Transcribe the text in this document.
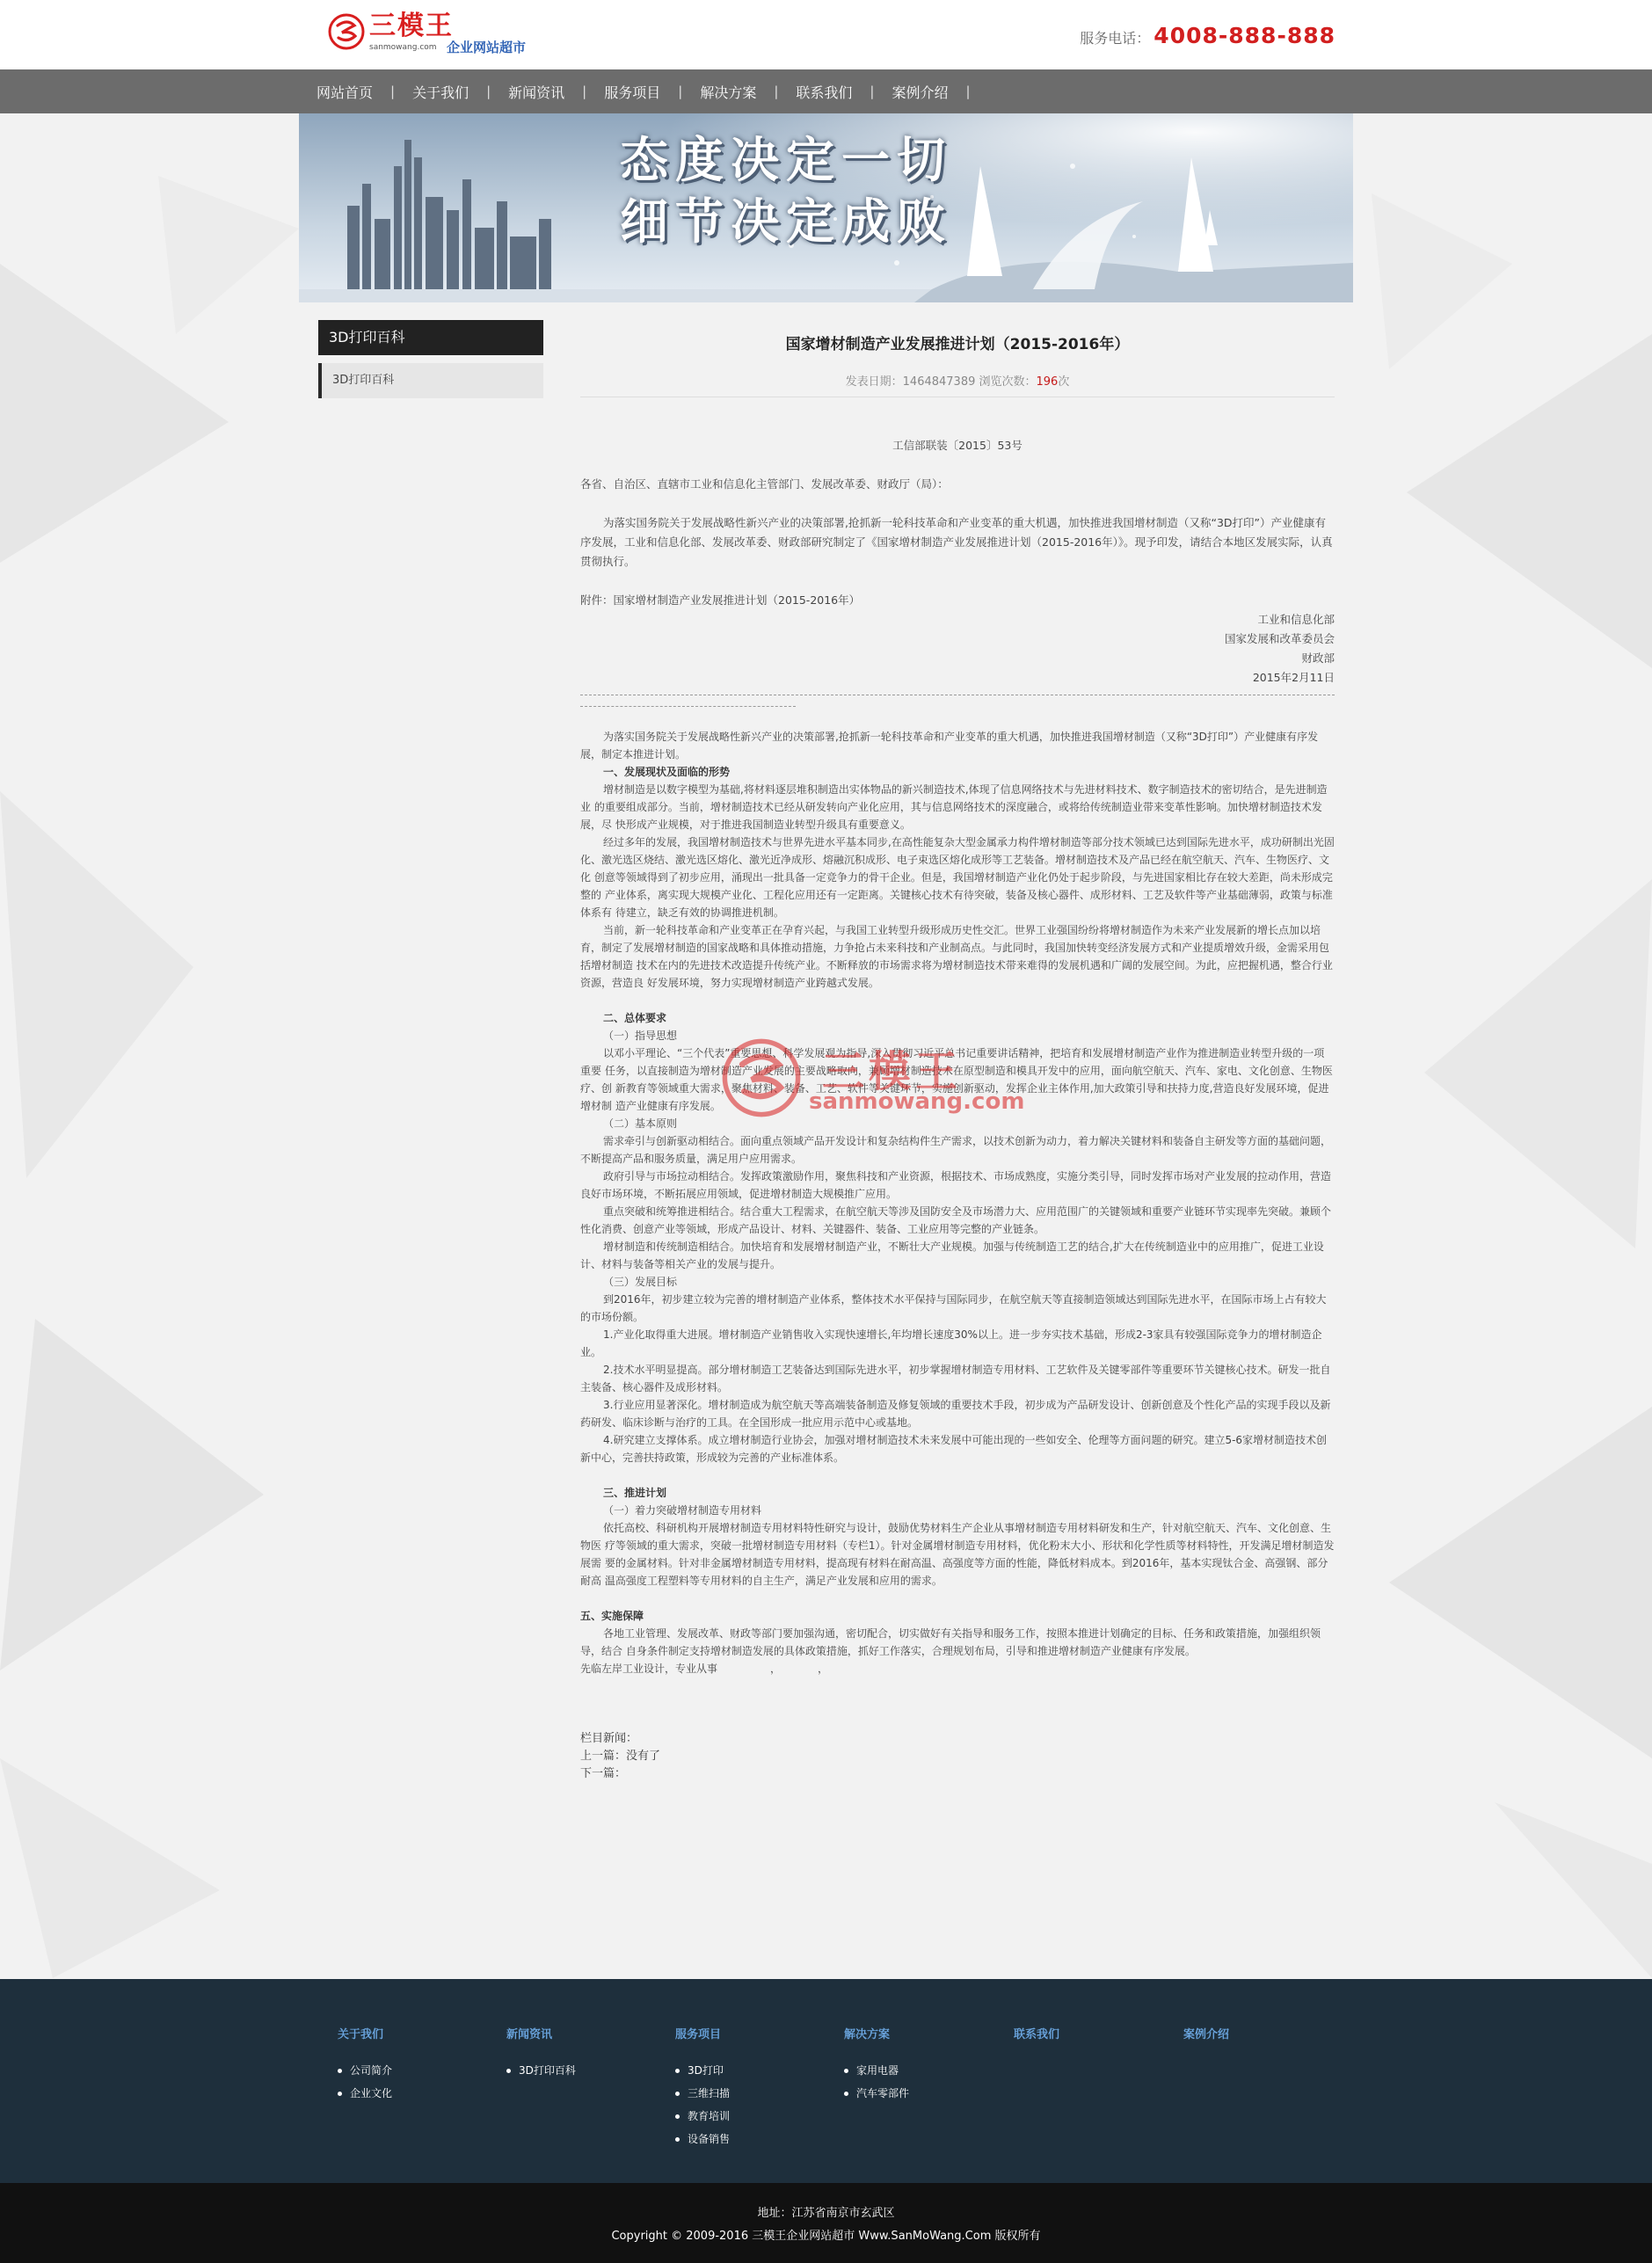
三模王
sanmowang.com 企业网站超市
服务电话： 4008-888-888
网站首页	|	关于我们	|	新闻资讯	|	服务项目	|	解决方案	|	联系我们	|	案例介绍	|
态度决定一切
细节决定成败
3D打印百科
3D打印百科
国家增材制造产业发展推进计划（2015-2016年）
发表日期：1464847389 浏览次数：196次

工信部联装〔2015〕53号

各省、自治区、直辖市工业和信息化主管部门、发展改革委、财政厅（局）：

为落实国务院关于发展战略性新兴产业的决策部署,抢抓新一轮科技革命和产业变革的重大机遇，加快推进我国增材制造（又称“3D打印”）产业健康有序发展，工业和信息化部、发展改革委、财政部研究制定了《国家增材制造产业发展推进计划（2015-2016年）》。现予印发，请结合本地区发展实际，认真贯彻执行。

附件：国家增材制造产业发展推进计划（2015-2016年）

工业和信息化部

国家发展和改革委员会

财政部

2015年2月11日

为落实国务院关于发展战略性新兴产业的决策部署,抢抓新一轮科技革命和产业变革的重大机遇，加快推进我国增材制造（又称“3D打印”）产业健康有序发展，制定本推进计划。

一、发展现状及面临的形势

增材制造是以数字模型为基础,将材料逐层堆积制造出实体物品的新兴制造技术,体现了信息网络技术与先进材料技术、数字制造技术的密切结合，是先进制造业 的重要组成部分。当前，增材制造技术已经从研发转向产业化应用，其与信息网络技术的深度融合，或将给传统制造业带来变革性影响。加快增材制造技术发展，尽 快形成产业规模，对于推进我国制造业转型升级具有重要意义。

经过多年的发展，我国增材制造技术与世界先进水平基本同步,在高性能复杂大型金属承力构件增材制造等部分技术领域已达到国际先进水平，成功研制出光固 化、激光选区烧结、激光选区熔化、激光近净成形、熔融沉积成形、电子束选区熔化成形等工艺装备。增材制造技术及产品已经在航空航天、汽车、生物医疗、文化 创意等领域得到了初步应用，涌现出一批具备一定竞争力的骨干企业。但是，我国增材制造产业化仍处于起步阶段，与先进国家相比存在较大差距，尚未形成完整的 产业体系，离实现大规模产业化、工程化应用还有一定距离。关键核心技术有待突破，装备及核心器件、成形材料、工艺及软件等产业基础薄弱，政策与标准体系有 待建立，缺乏有效的协调推进机制。

当前，新一轮科技革命和产业变革正在孕育兴起，与我国工业转型升级形成历史性交汇。世界工业强国纷纷将增材制造作为未来产业发展新的增长点加以培育，制定了发展增材制造的国家战略和具体推动措施，力争抢占未来科技和产业制高点。与此同时，我国加快转变经济发展方式和产业提质增效升级，金需采用包括增材制造 技术在内的先进技术改造提升传统产业。不断释放的市场需求将为增材制造技术带来难得的发展机遇和广阔的发展空间。为此，应把握机遇，整合行业资源，营造良 好发展环境，努力实现增材制造产业跨越式发展。

二、总体要求

（一）指导思想

以邓小平理论、“三个代表”重要思想、科学发展观为指导,深入贯彻习近平总书记重要讲话精神，把培育和发展增材制造产业作为推进制造业转型升级的一项重要 任务，以直接制造为增材制造产业发展的主要战略取向，兼顾增材制造技术在原型制造和模具开发中的应用，面向航空航天、汽车、家电、文化创意、生物医疗、创 新教育等领域重大需求，聚焦材料、装备、工艺、软件等关键环节，实施创新驱动，发挥企业主体作用,加大政策引导和扶持力度,营造良好发展环境，促进增材制 造产业健康有序发展。

（二）基本原则

需求牵引与创新驱动相结合。面向重点领域产品开发设计和复杂结构件生产需求，以技术创新为动力，着力解决关键材料和装备自主研发等方面的基础问题，不断提高产品和服务质量，满足用户应用需求。

政府引导与市场拉动相结合。发挥政策激励作用，聚焦科技和产业资源，根据技术、市场成熟度，实施分类引导，同时发挥市场对产业发展的拉动作用，营造良好市场环境，不断拓展应用领域，促进增材制造大规模推广应用。

重点突破和统筹推进相结合。结合重大工程需求，在航空航天等涉及国防安全及市场潜力大、应用范围广的关键领域和重要产业链环节实现率先突破。兼顾个性化消费、创意产业等领域，形成产品设计、材料、关键器件、装备、工业应用等完整的产业链条。

增材制造和传统制造相结合。加快培育和发展增材制造产业，不断壮大产业规模。加强与传统制造工艺的结合,扩大在传统制造业中的应用推广，促进工业设计、材料与装备等相关产业的发展与提升。

（三）发展目标

到2016年，初步建立较为完善的增材制造产业体系，整体技术水平保持与国际同步，在航空航天等直接制造领域达到国际先进水平，在国际市场上占有较大的市场份额。

1.产业化取得重大进展。增材制造产业销售收入实现快速增长,年均增长速度30%以上。进一步夯实技术基础，形成2-3家具有较强国际竞争力的增材制造企业。

2.技术水平明显提高。部分增材制造工艺装备达到国际先进水平，初步掌握增材制造专用材料、工艺软件及关键零部件等重要环节关键核心技术。研发一批自主装备、核心器件及成形材料。

3.行业应用显著深化。增材制造成为航空航天等高端装备制造及修复领域的重要技术手段，初步成为产品研发设计、创新创意及个性化产品的实现手段以及新药研发、临床诊断与治疗的工具。在全国形成一批应用示范中心或基地。

4.研究建立支撑体系。成立增材制造行业协会，加强对增材制造技术未来发展中可能出现的一些如安全、伦理等方面问题的研究。建立5-6家增材制造技术创新中心，完善扶持政策，形成较为完善的产业标准体系。

三、推进计划

（一）着力突破增材制造专用材料

依托高校、科研机构开展增材制造专用材料特性研究与设计，鼓励优势材料生产企业从事增材制造专用材料研发和生产，针对航空航天、汽车、文化创意、生物医 疗等领域的重大需求，突破一批增材制造专用材料（专栏1）。针对金属增材制造专用材料，优化粉末大小、形状和化学性质等材料特性，开发满足增材制造发展需 要的金属材料。针对非金属增材制造专用材料，提高现有材料在耐高温、高强度等方面的性能，降低材料成本。到2016年，基本实现钛合金、高强钢、部分耐高 温高强度工程塑料等专用材料的自主生产，满足产业发展和应用的需求。

五、实施保障

各地工业管理、发展改革、财政等部门要加强沟通，密切配合，切实做好有关指导和服务工作，按照本推进计划确定的目标、任务和政策措施，加强组织领导，结合 自身条件制定支持增材制造发展的具体政策措施，抓好工作落实，合理规划布局，引导和推进增材制造产业健康有序发展。

先临左岸工业设计，专业从事　　　　　，　　　　，

栏目新闻：

上一篇：没有了

下一篇：

三模王
sanmowang.com
关于我们
公司简介
企业文化
新闻资讯
3D打印百科
服务项目
3D打印
三维扫描
教育培训
设备销售
解决方案
家用电器
汽车零部件
联系我们	案例介绍
地址：江苏省南京市玄武区
Copyright © 2009-2016 三模王企业网站超市 Www.SanMoWang.Com 版权所有
